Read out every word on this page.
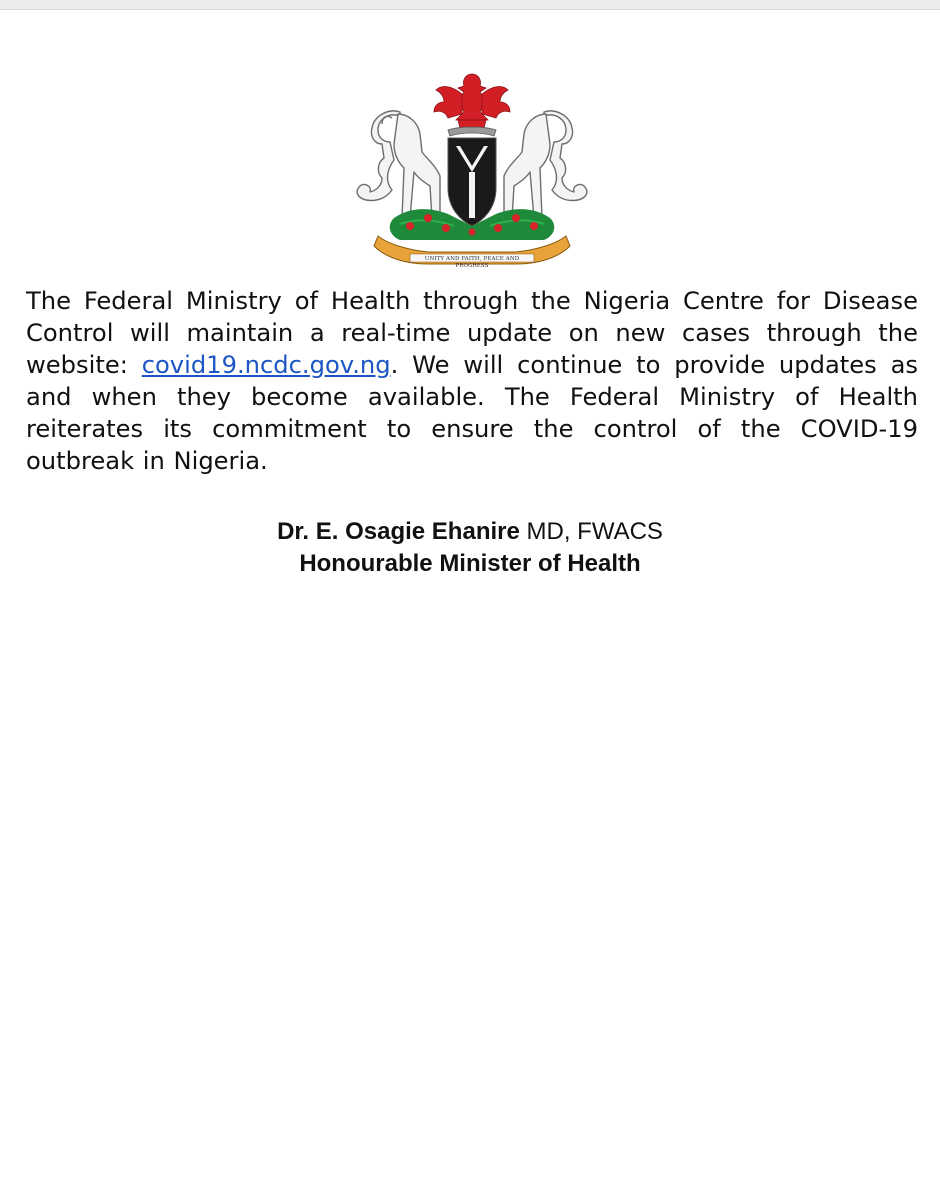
UNITY AND FAITH, PEACE AND PROGRESS

The Federal Ministry of Health through the Nigeria Centre for Disease Control will maintain a real-time update on new cases through the website: covid19.ncdc.gov.ng. We will continue to provide updates as and when they become available. The Federal Ministry of Health reiterates its commitment to ensure the control of the COVID-19 outbreak in Nigeria.

Dr. E. Osagie Ehanire MD, FWACS

Honourable Minister of Health
